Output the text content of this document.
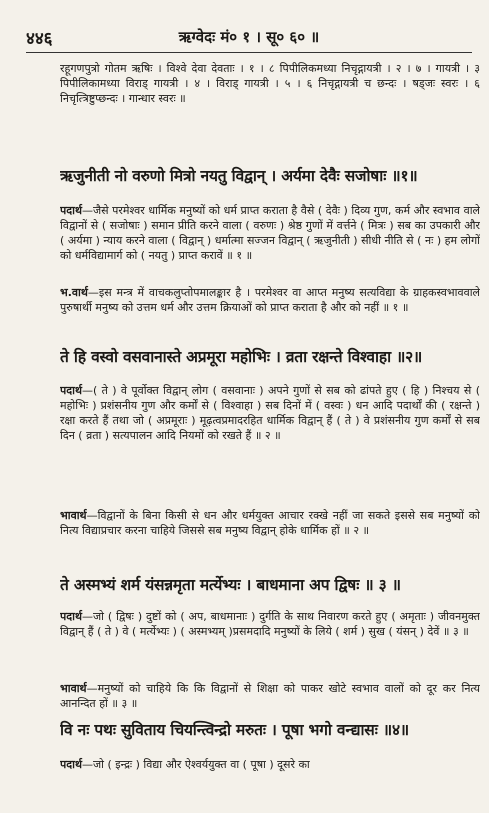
४४६	ऋग्वेदः मं० १ । सू० ६० ॥

रहूगणपुत्रो गोतम ऋषिः । विश्वे देवा देवताः । १ । ८ पिपीलिकमध्या निचृद्गायत्री । २ । ७ । गायत्री । ३ पिपीलिकामध्या विराड् गायत्री । ४ । विराड् गायत्री । ५ । ६ निचृद्गायत्री च छन्दः । षड्जः स्वरः । ६ निचृत्त्रिष्टुप्छन्दः । गान्धार स्वरः ॥

ऋजुनीती नो वरुणो मित्रो नयतु विद्वान् । अर्यमा देवैः सजोषाः ॥१॥

पदार्थ—जैसे परमेश्वर धार्मिक मनुष्यों को धर्म प्राप्त कराता है वैसे ( देवैः ) दिव्य गुण, कर्म और स्वभाव वाले विद्वानों से ( सजोषाः ) समान प्रीति करने वाला ( वरुणः ) श्रेष्ठ गुणों में वर्त्तने ( मित्रः ) सब का उपकारी और ( अर्यमा ) न्याय करने वाला ( विद्वान् ) धर्मात्मा सज्जन विद्वान् ( ऋजुनीती ) सीधी नीति से ( नः ) हम लोगों को धर्मविद्यामार्ग को ( नयतु ) प्राप्त करावें ॥ १ ॥

भ.वार्थ—इस मन्त्र में वाचकलुप्तोपमालङ्कार है । परमेश्वर वा आप्त मनुष्य सत्यविद्या के ग्राहकस्वभाववाले पुरुषार्थी मनुष्य को उत्तम धर्म और उत्तम क्रियाओं को प्राप्त कराता है और को नहीं ॥ १ ॥

ते हि वस्वो वसवानास्ते अप्रमूरा महोभिः । व्रता रक्षन्ते विश्वाहा ॥२॥

पदार्थ—( ते ) वे पूर्वोक्त विद्वान् लोग ( वसवानाः ) अपने गुणों से सब को ढांपते हुए ( हि ) निश्चय से ( महोभिः ) प्रशंसनीय गुण और कर्मों से ( विश्वाहा ) सब दिनों में ( वस्वः ) धन आदि पदार्थों की ( रक्षन्ते ) रक्षा करते हैं तथा जो ( अप्रमूराः ) मूढ़त्वप्रमादरहित धार्मिक विद्वान् हैं ( ते ) वे प्रशंसनीय गुण कर्मों से सब दिन ( व्रता ) सत्यपालन आदि नियमों को रखते हैं ॥ २ ॥

भावार्थ—विद्वानों के बिना किसी से धन और धर्मयुक्त आचार रक्खे नहीं जा सकते इससे सब मनुष्यों को नित्य विद्याप्रचार करना चाहिये जिससे सब मनुष्य विद्वान् होके धार्मिक हों ॥ २ ॥

ते अस्मभ्यं शर्म यंसन्नमृता मर्त्येभ्यः । बाधमाना अप द्विषः ॥ ३ ॥

पदार्थ—जो ( द्विषः ) दुष्टों को ( अप, बाधमानाः ) दुर्गति के साथ निवारण करते हुए ( अमृताः ) जीवनमुक्त विद्वान् हैं ( ते ) वे ( मर्त्येभ्यः ) ( अस्मभ्यम् )प्रसमदादि मनुष्यों के लिये ( शर्म ) सुख ( यंसन् ) देवें ॥ ३ ॥

भावार्थ—मनुष्यों को चाहिये कि कि विद्वानों से शिक्षा को पाकर खोटे स्वभाव वालों को दूर कर नित्य आनन्दित हों ॥ ३ ॥

वि नः पथः सुविताय चियन्त्विन्द्रो मरुतः । पूषा भगो वन्द्यासः ॥४॥

पदार्थ—जो ( इन्द्रः ) विद्या और ऐश्वर्ययुक्त वा ( पूषा ) दूसरे का
